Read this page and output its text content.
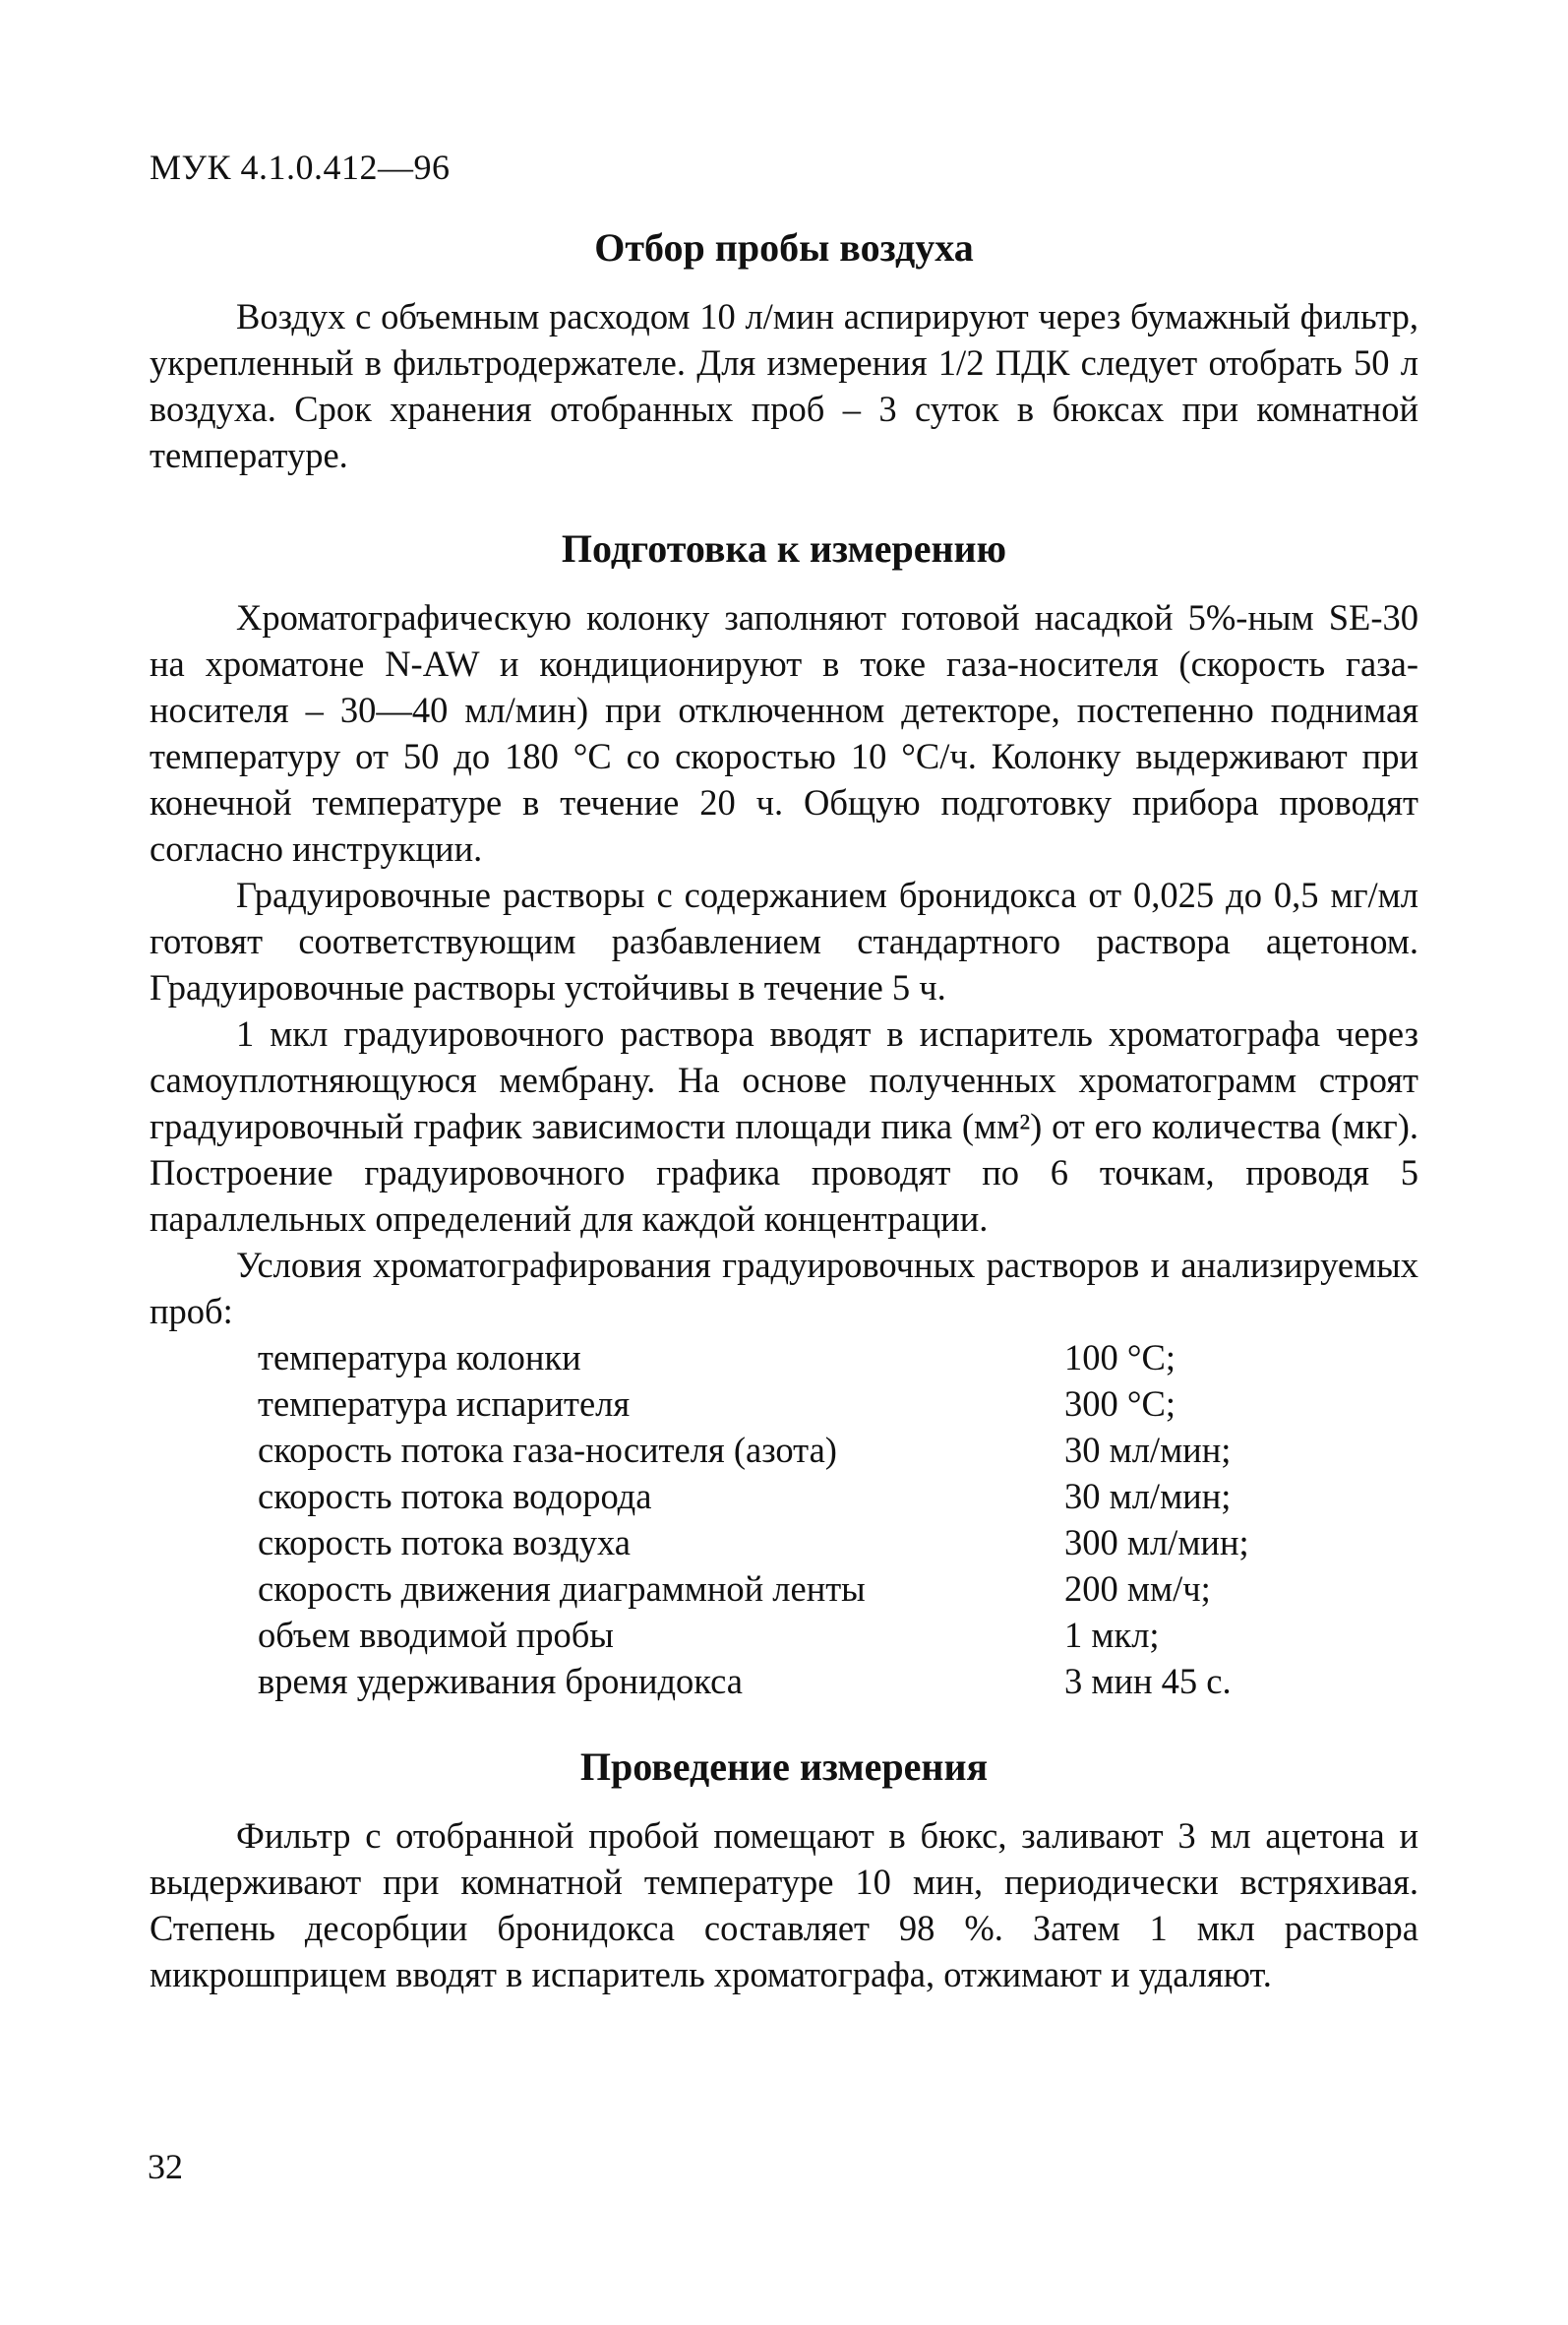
МУК 4.1.0.412—96
Отбор пробы воздуха

Воздух с объемным расходом 10 л/мин аспирируют через бумажный фильтр, укрепленный в фильтродержателе. Для измерения 1/2 ПДК следует отобрать 50 л воздуха. Срок хранения отобранных проб – 3 суток в бюксах при комнатной температуре.

Подготовка к измерению

Хроматографическую колонку заполняют готовой насадкой 5%-ным SE-30 на хроматоне N-AW и кондиционируют в токе газа-носителя (скорость газа-носителя – 30—40 мл/мин) при отключенном детекторе, постепенно поднимая температуру от 50 до 180 °С со скоростью 10 °С/ч. Колонку выдерживают при конечной температуре в течение 20 ч. Общую подготовку прибора проводят согласно инструкции.

Градуировочные растворы с содержанием бронидокса от 0,025 до 0,5 мг/мл готовят соответствующим разбавлением стандартного раствора ацетоном. Градуировочные растворы устойчивы в течение 5 ч.

1 мкл градуировочного раствора вводят в испаритель хроматографа через самоуплотняющуюся мембрану. На основе полученных хроматограмм строят градуировочный график зависимости площади пика (мм²) от его количества (мкг). Построение градуировочного графика проводят по 6 точкам, проводя 5 параллельных определений для каждой концентрации.

Условия хроматографирования градуировочных растворов и анализируемых проб:

температура колонки	100 °С;
температура испарителя	300 °С;
скорость потока газа-носителя (азота)	30 мл/мин;
скорость потока водорода	30 мл/мин;
скорость потока воздуха	300 мл/мин;
скорость движения диаграммной ленты	200 мм/ч;
объем вводимой пробы	1 мкл;
время удерживания бронидокса	3 мин 45 с.
Проведение измерения

Фильтр с отобранной пробой помещают в бюкс, заливают 3 мл ацетона и выдерживают при комнатной температуре 10 мин, периодически встряхивая. Степень десорбции бронидокса составляет 98 %. Затем 1 мкл раствора микрошприцем вводят в испаритель хроматографа, отжимают и удаляют.

32
